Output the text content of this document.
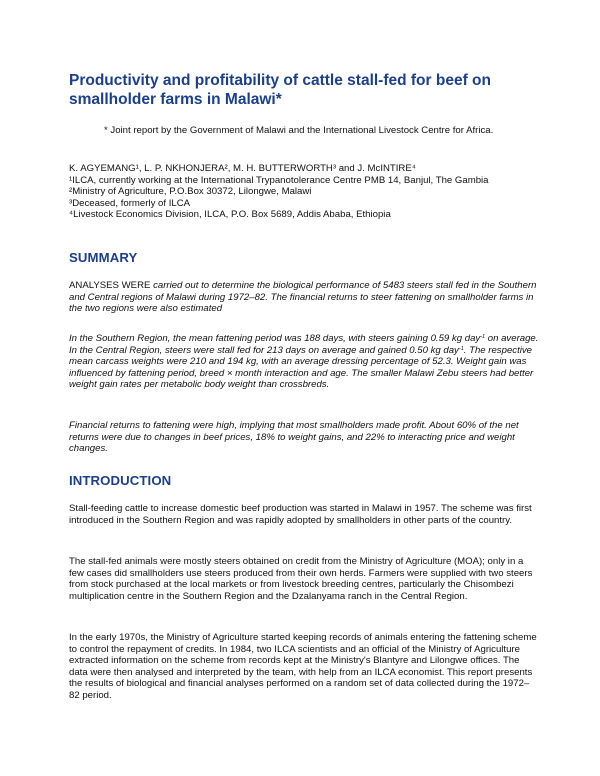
Productivity and profitability of cattle stall-fed for beef on smallholder farms in Malawi*

* Joint report by the Government of Malawi and the International Livestock Centre for Africa.

K. AGYEMANG¹, L. P. NKHONJERA², M. H. BUTTERWORTH³ and J. McINTIRE⁴
¹ILCA, currently working at the International Trypanotolerance Centre PMB 14, Banjul, The Gambia
²Ministry of Agriculture, P.O.Box 30372, Lilongwe, Malawi
³Deceased, formerly of ILCA
⁴Livestock Economics Division, ILCA, P.O. Box 5689, Addis Ababa, Ethiopia
SUMMARY

ANALYSES WERE carried out to determine the biological performance of 5483 steers stall fed in the Southern and Central regions of Malawi during 1972–82. The financial returns to steer fattening on smallholder farms in the two regions were also estimated

In the Southern Region, the mean fattening period was 188 days, with steers gaining 0.59 kg day$^{-1}$ on average. In the Central Region, steers were stall fed for 213 days on average and gained 0.50 kg day$^{-1}$. The respective mean carcass weights were 210 and 194 kg, with an average dressing percentage of 52.3. Weight gain was influenced by fattening period, breed × month interaction and age. The smaller Malawi Zebu steers had better weight gain rates per metabolic body weight than crossbreds.

Financial returns to fattening were high, implying that most smallholders made profit. About 60% of the net returns were due to changes in beef prices, 18% to weight gains, and 22% to interacting price and weight changes.

INTRODUCTION

Stall-feeding cattle to increase domestic beef production was started in Malawi in 1957. The scheme was first introduced in the Southern Region and was rapidly adopted by smallholders in other parts of the country.

The stall-fed animals were mostly steers obtained on credit from the Ministry of Agriculture (MOA); only in a few cases did smallholders use steers produced from their own herds. Farmers were supplied with two steers from stock purchased at the local markets or from livestock breeding centres, particularly the Chisombezi multiplication centre in the Southern Region and the Dzalanyama ranch in the Central Region.

In the early 1970s, the Ministry of Agriculture started keeping records of animals entering the fattening scheme to control the repayment of credits. In 1984, two ILCA scientists and an official of the Ministry of Agriculture extracted information on the scheme from records kept at the Ministry's Blantyre and Lilongwe offices. The data were then analysed and interpreted by the team, with help from an ILCA economist. This report presents the results of biological and financial analyses performed on a random set of data collected during the 1972–82 period.
